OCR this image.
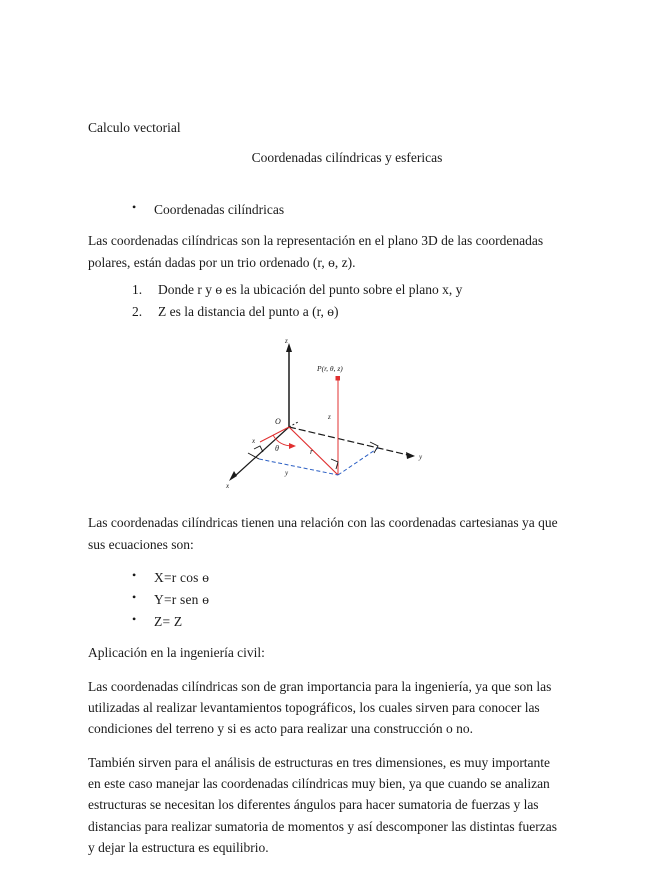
Calculo vectorial

Coordenadas cilíndricas y esfericas

• Coordenadas cilíndricas

Las coordenadas cilíndricas son la representación en el plano 3D de las coordenadas polares, están dadas por un trio ordenado (r, ө, z).

Donde r y ө es la ubicación del punto sobre el plano x, y
Z es la distancia del punto a (r, ө)
z
y
x
O
x
θ	r
z
P(r, θ, z)
y

Las coordenadas cilíndricas tienen una relación con las coordenadas cartesianas ya que sus ecuaciones son:

• X=r cos ө
• Y=r sen ө
• Z= Z

Aplicación en la ingeniería civil:

Las coordenadas cilíndricas son de gran importancia para la ingeniería, ya que son las utilizadas al realizar levantamientos topográficos, los cuales sirven para conocer las condiciones del terreno y si es acto para realizar una construcción o no.

También sirven para el análisis de estructuras en tres dimensiones, es muy importante en este caso manejar las coordenadas cilíndricas muy bien, ya que cuando se analizan estructuras se necesitan los diferentes ángulos para hacer sumatoria de fuerzas y las distancias para realizar sumatoria de momentos y así descomponer las distintas fuerzas y dejar la estructura es equilibrio.
